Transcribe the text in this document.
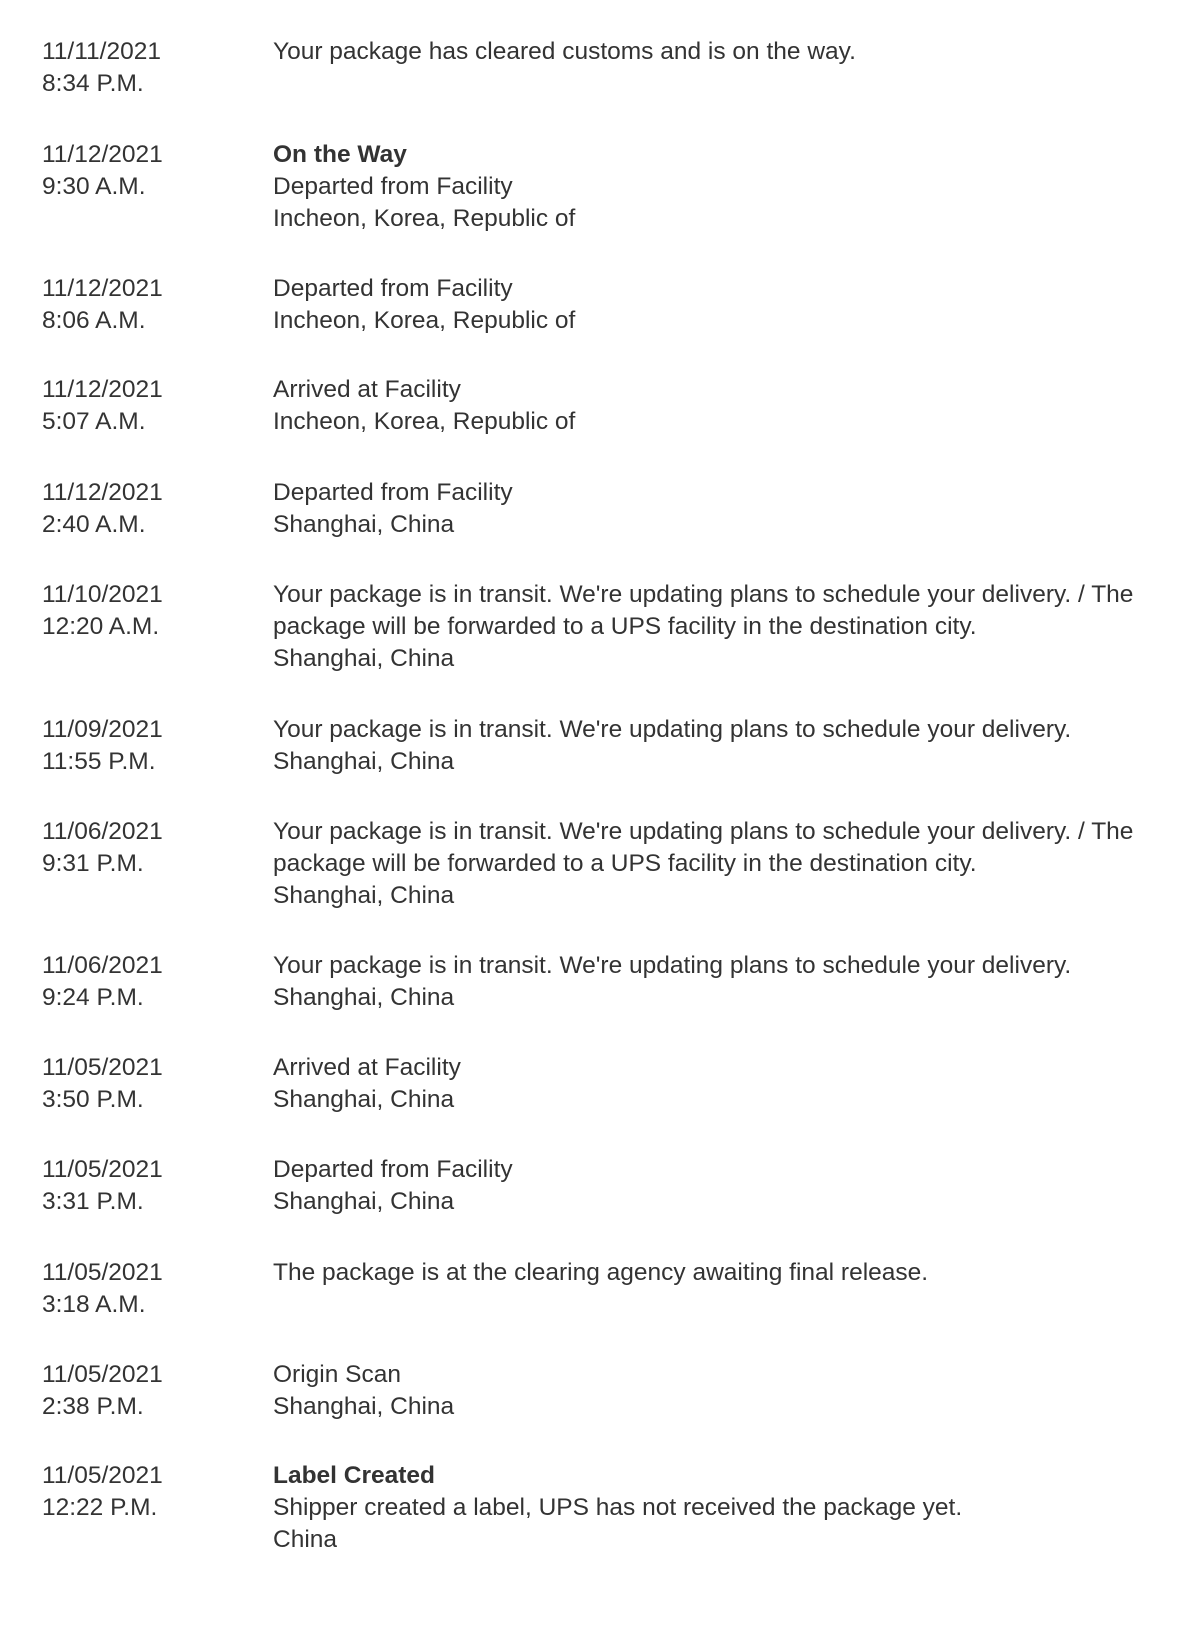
11/11/2021
8:34 P.M.
Your package has cleared customs and is on the way.
11/12/2021
9:30 A.M.
On the Way
Departed from Facility
Incheon, Korea, Republic of
11/12/2021
8:06 A.M.
Departed from Facility
Incheon, Korea, Republic of
11/12/2021
5:07 A.M.
Arrived at Facility
Incheon, Korea, Republic of
11/12/2021
2:40 A.M.
Departed from Facility
Shanghai, China
11/10/2021
12:20 A.M.
Your package is in transit. We're updating plans to schedule your delivery. / The
package will be forwarded to a UPS facility in the destination city.
Shanghai, China
11/09/2021
11:55 P.M.
Your package is in transit. We're updating plans to schedule your delivery.
Shanghai, China
11/06/2021
9:31 P.M.
Your package is in transit. We're updating plans to schedule your delivery. / The
package will be forwarded to a UPS facility in the destination city.
Shanghai, China
11/06/2021
9:24 P.M.
Your package is in transit. We're updating plans to schedule your delivery.
Shanghai, China
11/05/2021
3:50 P.M.
Arrived at Facility
Shanghai, China
11/05/2021
3:31 P.M.
Departed from Facility
Shanghai, China
11/05/2021
3:18 A.M.
The package is at the clearing agency awaiting final release.
11/05/2021
2:38 P.M.
Origin Scan
Shanghai, China
11/05/2021
12:22 P.M.
Label Created
Shipper created a label, UPS has not received the package yet.
China
